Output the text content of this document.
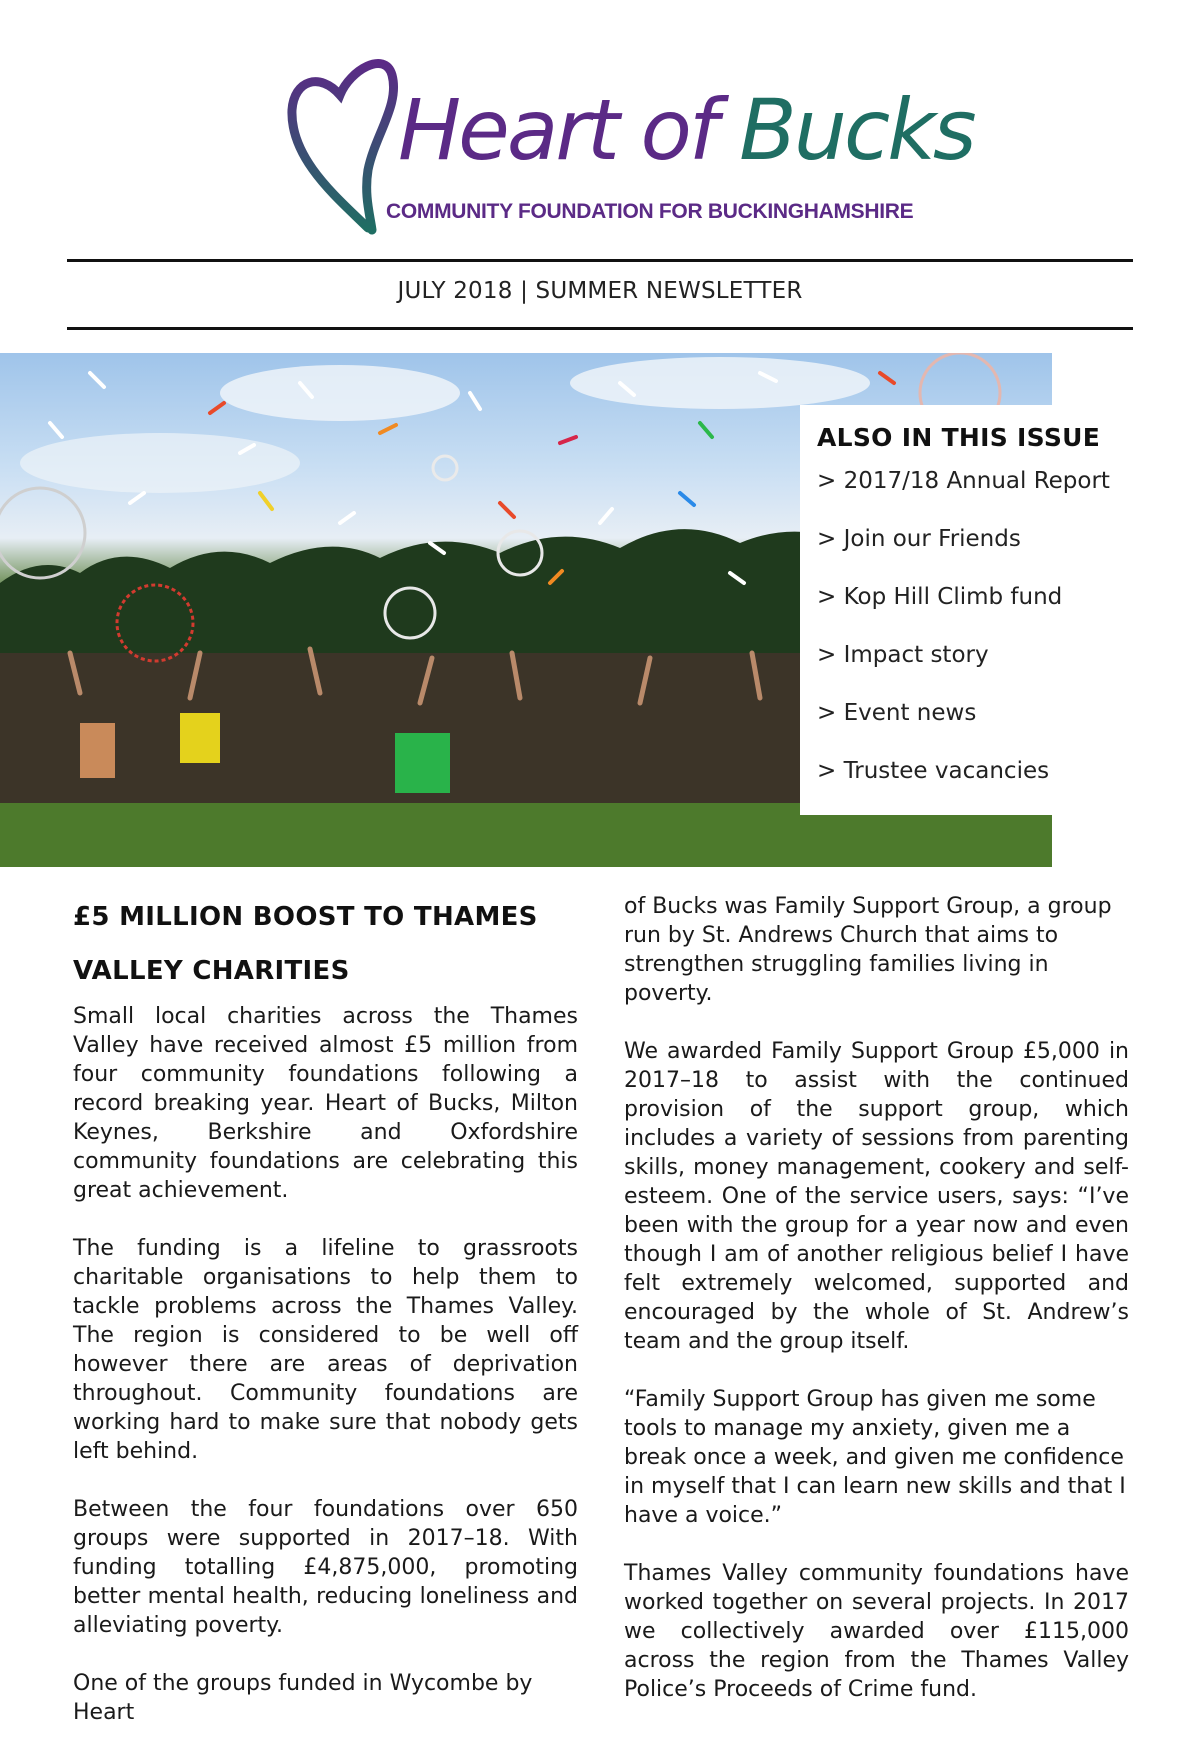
Heart of Bucks
COMMUNITY FOUNDATION FOR BUCKINGHAMSHIRE
JULY 2018 | SUMMER NEWSLETTER
ALSO IN THIS ISSUE
> 2017/18 Annual Report
> Join our Friends
> Kop Hill Climb fund
> Impact story
> Event news
> Trustee vacancies
£5 MILLION BOOST TO THAMES
VALLEY CHARITIES

Small local charities across the Thames Valley have received almost £5 million from four community foundations following a record breaking year. Heart of Bucks, Milton Keynes, Berkshire and Oxfordshire community foundations are celebrating this great achievement.

The funding is a lifeline to grassroots charitable organisations to help them to tackle problems across the Thames Valley. The region is considered to be well off however there are areas of deprivation throughout. Community foundations are working hard to make sure that nobody gets left behind.

Between the four foundations over 650 groups were supported in 2017–18. With funding totalling £4,875,000, promoting better mental health, reducing loneliness and alleviating poverty.

One of the groups funded in Wycombe by Heart

of Bucks was Family Support Group, a group run by St. Andrews Church that aims to strengthen struggling families living in poverty.

We awarded Family Support Group £5,000 in 2017–18 to assist with the continued provision of the support group, which includes a variety of sessions from parenting skills, money management, cookery and self-esteem. One of the service users, says: “I’ve been with the group for a year now and even though I am of another religious belief I have felt extremely welcomed, supported and encouraged by the whole of St. Andrew’s team and the group itself.

“Family Support Group has given me some tools to manage my anxiety, given me a break once a week, and given me confidence in myself that I can learn new skills and that I have a voice.”

Thames Valley community foundations have worked together on several projects. In 2017 we collectively awarded over £115,000 across the region from the Thames Valley Police’s Proceeds of Crime fund.
